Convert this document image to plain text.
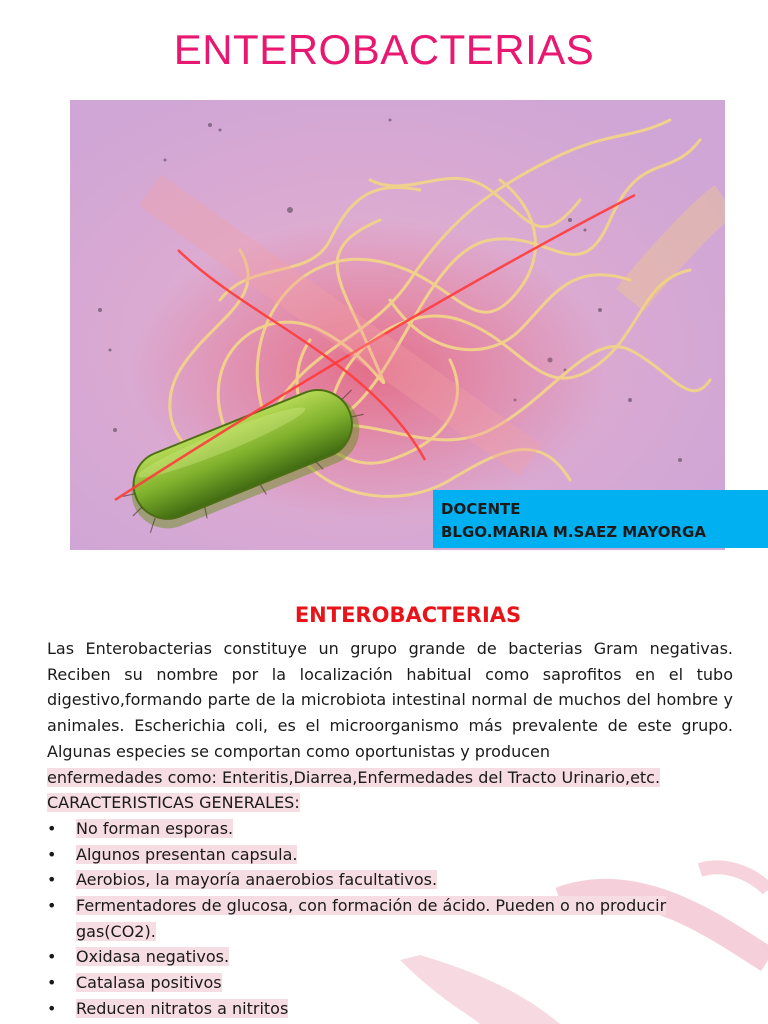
ENTEROBACTERIAS
DOCENTE
BLGO.MARIA M.SAEZ MAYORGA
ENTEROBACTERIAS

Las Enterobacterias constituye un grupo grande de bacterias Gram negativas. Reciben su nombre por la localización habitual como saprofitos en el tubo digestivo,formando parte de la microbiota intestinal normal de muchos del hombre y animales. Escherichia coli, es el microorganismo más prevalente de este grupo. Algunas especies se comportan como oportunistas y producen

enfermedades como: Enteritis,Diarrea,Enfermedades del Tracto Urinario,etc.

CARACTERISTICAS GENERALES:

• No forman esporas.
• Algunos presentan capsula.
• Aerobios, la mayoría anaerobios facultativos.
• Fermentadores de glucosa, con formación de ácido. Pueden o no producir gas(CO2).
• Oxidasa negativos.
• Catalasa positivos
• Reducen nitratos a nitritos
